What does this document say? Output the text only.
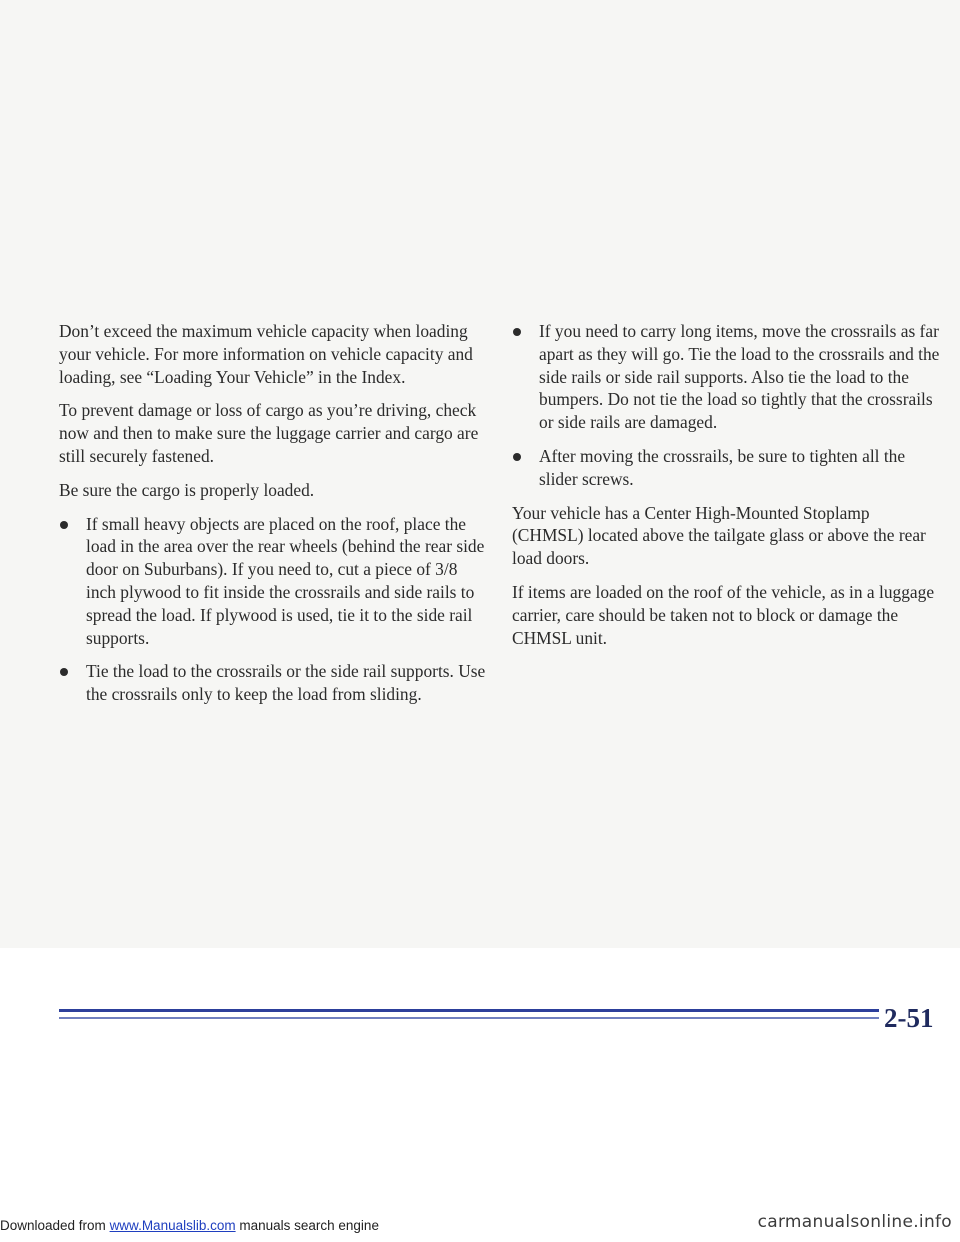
Don’t exceed the maximum vehicle capacity when loading your vehicle. For more information on vehicle capacity and loading, see “Loading Your Vehicle” in the Index.

To prevent damage or loss of cargo as you’re driving, check now and then to make sure the luggage carrier and cargo are still securely fastened.

Be sure the cargo is properly loaded.

If small heavy objects are placed on the roof, place the load in the area over the rear wheels (behind the rear side door on Suburbans). If you need to, cut a piece of 3/8 inch plywood to fit inside the crossrails and side rails to spread the load. If plywood is used, tie it to the side rail supports.
Tie the load to the crossrails or the side rail supports. Use the crossrails only to keep the load from sliding.
If you need to carry long items, move the crossrails as far apart as they will go. Tie the load to the crossrails and the side rails or side rail supports. Also tie the load to the bumpers. Do not tie the load so tightly that the crossrails or side rails are damaged.
After moving the crossrails, be sure to tighten all the slider screws.

Your vehicle has a Center High-Mounted Stoplamp (CHMSL) located above the tailgate glass or above the rear load doors.

If items are loaded on the roof of the vehicle, as in a luggage carrier, care should be taken not to block or damage the CHMSL unit.

2-51
Downloaded from www.Manualslib.com manuals search engine	carmanualsonline.info
